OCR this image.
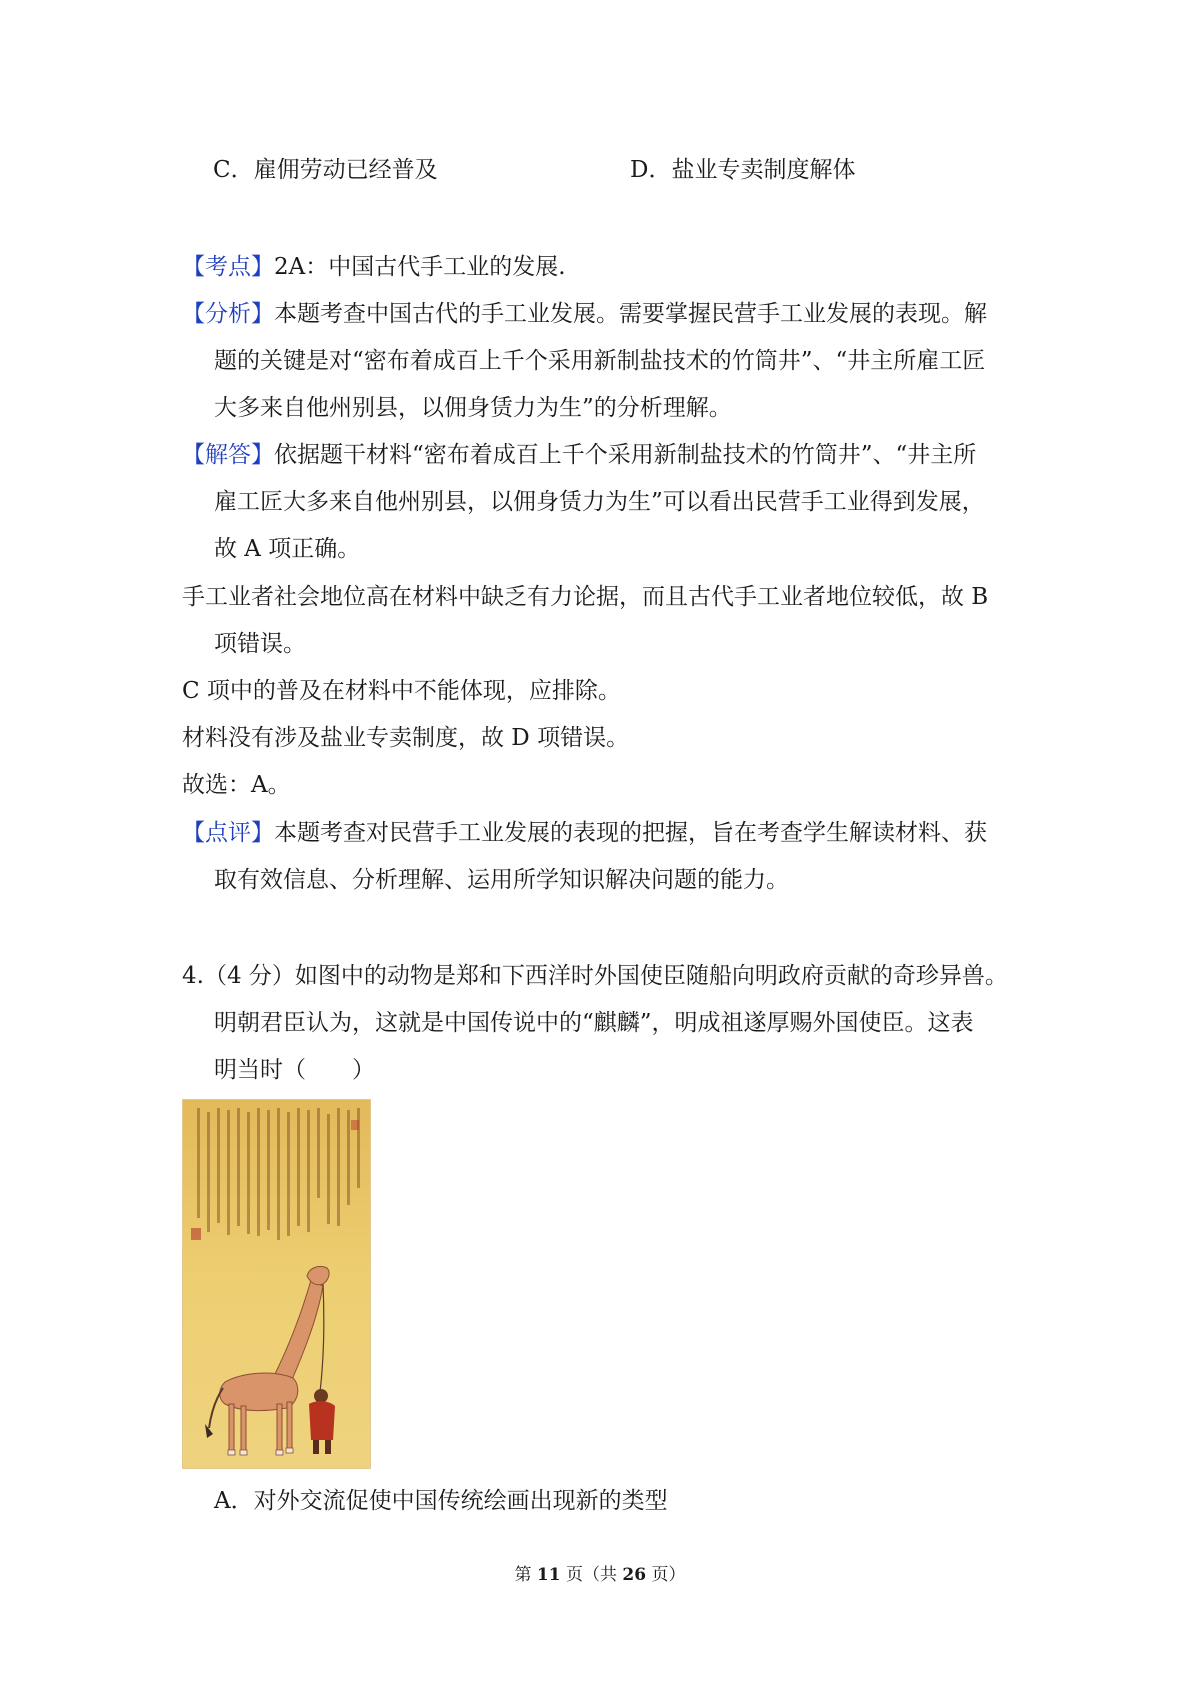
C．雇佣劳动已经普及	D．盐业专卖制度解体
【考点】2A：中国古代手工业的发展.
【分析】本题考查中国古代的手工业发展。需要掌握民营手工业发展的表现。解
题的关键是对“密布着成百上千个采用新制盐技术的竹筒井”、“井主所雇工匠
大多来自他州别县，以佣身赁力为生”的分析理解。
【解答】依据题干材料“密布着成百上千个采用新制盐技术的竹筒井”、“井主所
雇工匠大多来自他州别县，以佣身赁力为生”可以看出民营手工业得到发展，
故 A 项正确。
手工业者社会地位高在材料中缺乏有力论据，而且古代手工业者地位较低，故 B
项错误。
C 项中的普及在材料中不能体现，应排除。
材料没有涉及盐业专卖制度，故 D 项错误。
故选：A。
【点评】本题考查对民营手工业发展的表现的把握，旨在考查学生解读材料、获
取有效信息、分析理解、运用所学知识解决问题的能力。
4.（4 分）如图中的动物是郑和下西洋时外国使臣随船向明政府贡献的奇珍异兽。
明朝君臣认为，这就是中国传说中的“麒麟”，明成祖遂厚赐外国使臣。这表
明当时（　　）
A．对外交流促使中国传统绘画出现新的类型
第 11 页（共 26 页）
